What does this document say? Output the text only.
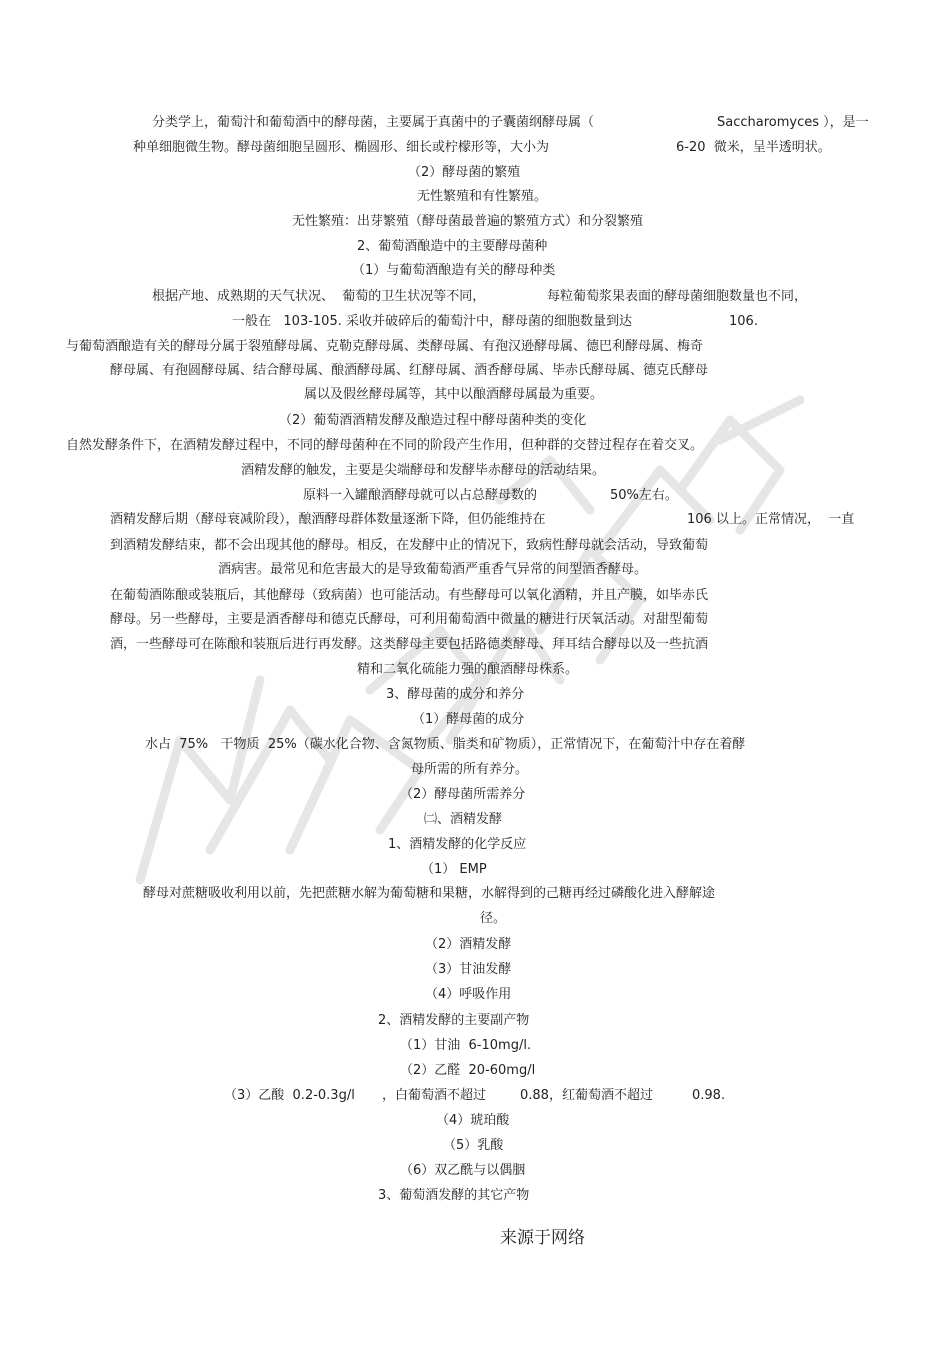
分类学上，葡萄汁和葡萄酒中的酵母菌，主要属于真菌中的子囊菌纲酵母属（

	Saccharomyces ），是一

种单细胞微生物。酵母菌细胞呈圆形、椭圆形、细长或柠檬形等，大小为

	6-20  微米，呈半透明状。

（2）酵母菌的繁殖

无性繁殖和有性繁殖。

无性繁殖：出芽繁殖（酵母菌最普遍的繁殖方式）和分裂繁殖

2、葡萄酒酿造中的主要酵母菌种

（1）与葡萄酒酿造有关的酵母种类

根据产地、成熟期的天气状况、  葡萄的卫生状况等不同，

	每粒葡萄浆果表面的酵母菌细胞数量也不同，

一般在   103-105. 采收并破碎后的葡萄汁中，酵母菌的细胞数量到达

	106.

与葡萄酒酿造有关的酵母分属于裂殖酵母属、克勒克酵母属、类酵母属、有孢汉逊酵母属、德巴利酵母属、梅奇

酵母属、有孢圆酵母属、结合酵母属、酿酒酵母属、红酵母属、酒香酵母属、毕赤氏酵母属、德克氏酵母

属以及假丝酵母属等，其中以酿酒酵母属最为重要。

（2）葡萄酒酒精发酵及酿造过程中酵母菌种类的变化

自然发酵条件下，在酒精发酵过程中，不同的酵母菌种在不同的阶段产生作用，但种群的交替过程存在着交叉。

酒精发酵的触发，主要是尖端酵母和发酵毕赤酵母的活动结果。

原料一入罐酿酒酵母就可以占总酵母数的

	50%左右。

酒精发酵后期（酵母衰减阶段），酿酒酵母群体数量逐渐下降，但仍能维持在

	106 以上。正常情况，  一直

到酒精发酵结束，都不会出现其他的酵母。相反，在发酵中止的情况下，致病性酵母就会活动，导致葡萄

酒病害。最常见和危害最大的是导致葡萄酒严重香气异常的间型酒香酵母。

在葡萄酒陈酿或装瓶后，其他酵母（致病菌）也可能活动。有些酵母可以氧化酒精，并且产膜，如毕赤氏

酵母。另一些酵母，主要是酒香酵母和德克氏酵母，可利用葡萄酒中微量的糖进行厌氧活动。对甜型葡萄

酒，一些酵母可在陈酿和装瓶后进行再发酵。这类酵母主要包括路德类酵母、拜耳结合酵母以及一些抗酒

精和二氧化硫能力强的酿酒酵母株系。

3、酵母菌的成分和养分

（1）酵母菌的成分

水占  75%   干物质  25%（碳水化合物、含氮物质、脂类和矿物质），正常情况下，在葡萄汁中存在着酵

母所需的所有养分。

（2）酵母菌所需养分

㈡、酒精发酵

1、酒精发酵的化学反应

（1） EMP

酵母对蔗糖吸收利用以前，先把蔗糖水解为葡萄糖和果糖，水解得到的己糖再经过磷酸化进入酵解途

径。

（2）酒精发酵

（3）甘油发酵

（4）呼吸作用

2、酒精发酵的主要副产物

（1）甘油  6-10mg/l.

（2）乙醛  20-60mg/l

（3）乙酸  0.2-0.3g/l

，白葡萄酒不超过

	0.88，红葡萄酒不超过

	0.98.

（4）琥珀酸

（5）乳酸

（6）双乙酰与以偶胭

3、葡萄酒发酵的其它产物

来源于网络
